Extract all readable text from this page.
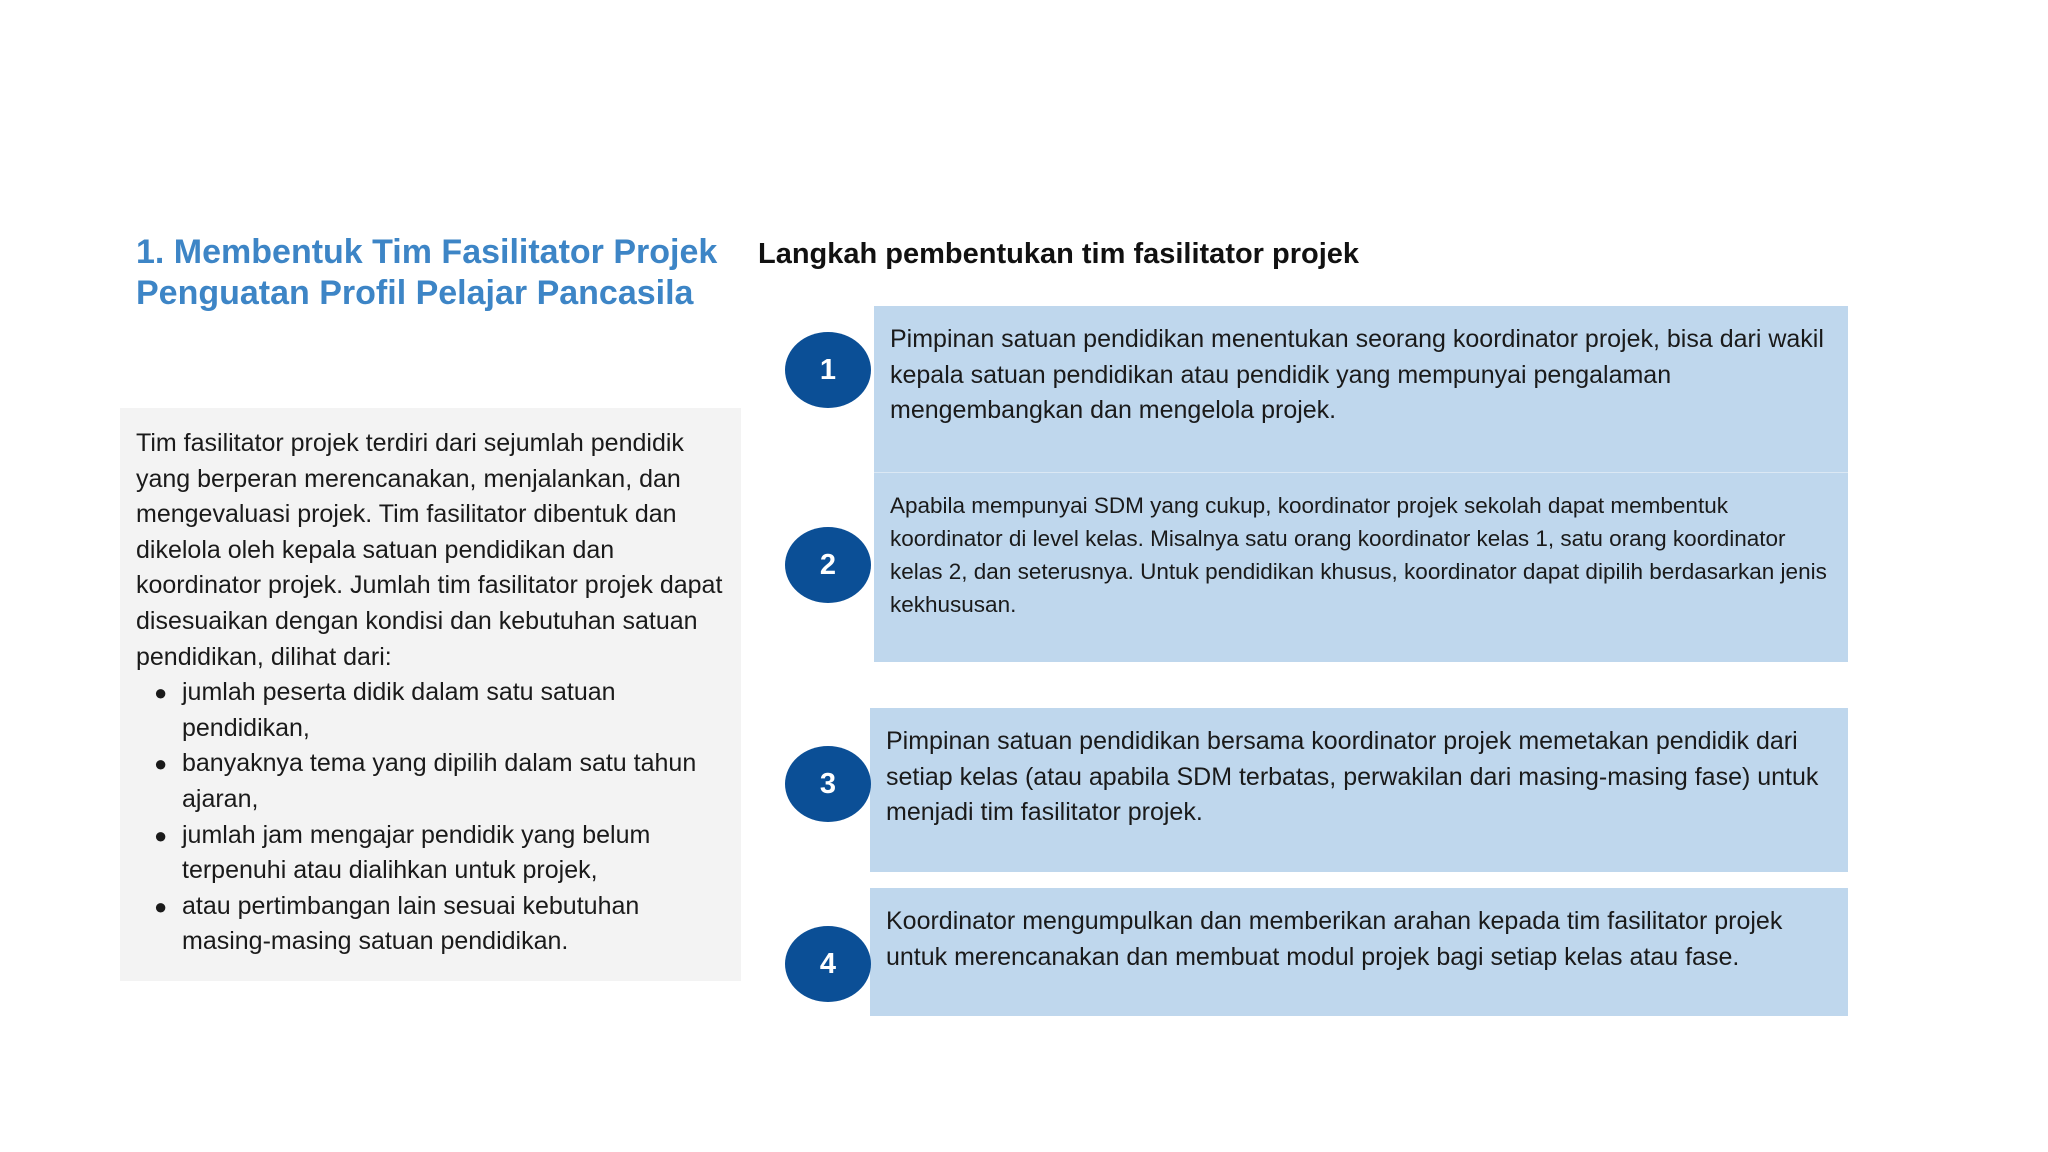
1. Membentuk Tim Fasilitator Projek Penguatan Profil Pelajar Pancasila

Tim fasilitator projek terdiri dari sejumlah pendidik yang berperan merencanakan, menjalankan, dan mengevaluasi projek. Tim fasilitator dibentuk dan dikelola oleh kepala satuan pendidikan dan koordinator projek. Jumlah tim fasilitator projek dapat disesuaikan dengan kondisi dan kebutuhan satuan pendidikan, dilihat dari:

● jumlah peserta didik dalam satu satuan pendidikan,
● banyaknya tema yang dipilih dalam satu tahun ajaran,
● jumlah jam mengajar pendidik yang belum terpenuhi atau dialihkan untuk projek,
● atau pertimbangan lain sesuai kebutuhan masing-masing satuan pendidikan.
Langkah pembentukan tim fasilitator projek
Pimpinan satuan pendidikan menentukan seorang koordinator projek, bisa dari wakil kepala satuan pendidikan atau pendidik yang mempunyai pengalaman mengembangkan dan mengelola projek.
Apabila mempunyai SDM yang cukup, koordinator projek sekolah dapat membentuk koordinator di level kelas. Misalnya satu orang koordinator kelas 1, satu orang koordinator kelas 2, dan seterusnya. Untuk pendidikan khusus, koordinator dapat dipilih berdasarkan jenis kekhususan.
Pimpinan satuan pendidikan bersama koordinator projek memetakan pendidik dari setiap kelas (atau apabila SDM terbatas, perwakilan dari masing-masing fase) untuk menjadi tim fasilitator projek.
Koordinator mengumpulkan dan memberikan arahan kepada tim fasilitator projek untuk merencanakan dan membuat modul projek bagi setiap kelas atau fase.
1
2
3
4
